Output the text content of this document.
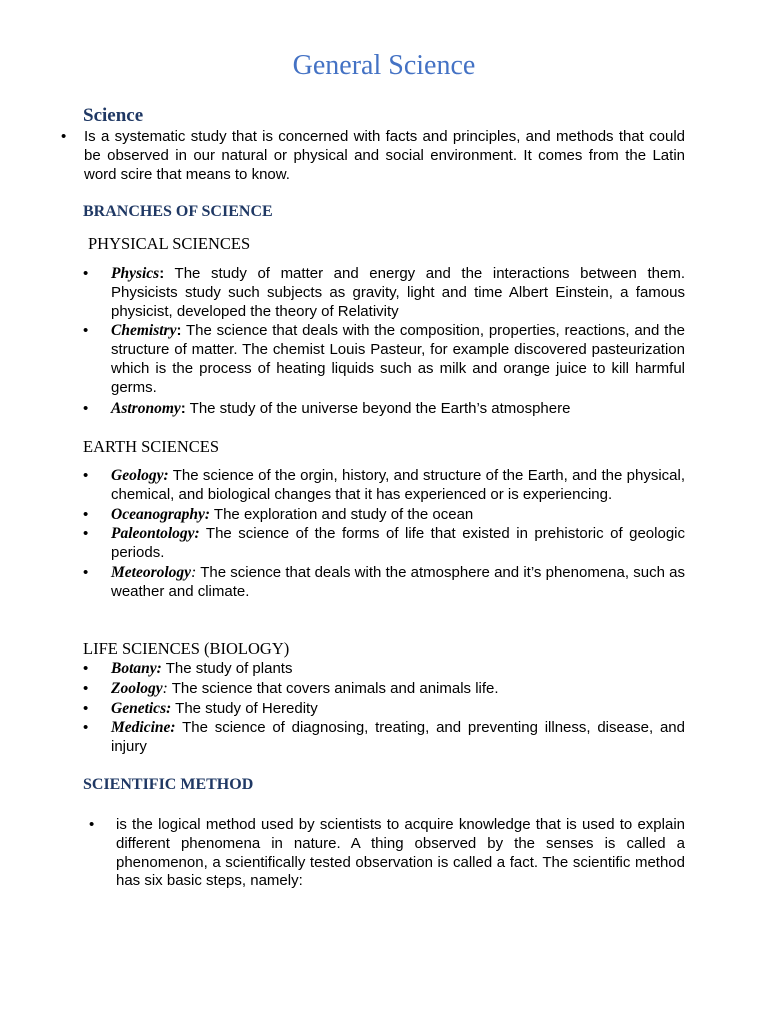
General Science
Science
• Is a systematic study that is concerned with facts and principles, and methods that could be observed in our natural or physical and social environment. It comes from the Latin word scire that means to know.
BRANCHES OF SCIENCE
PHYSICAL SCIENCES
• Physics: The study of matter and energy and the interactions between them. Physicists study such subjects as gravity, light and time Albert Einstein, a famous physicist, developed the theory of Relativity
• Chemistry: The science that deals with the composition, properties, reactions, and the structure of matter. The chemist Louis Pasteur, for example discovered pasteurization which is the process of heating liquids such as milk and orange juice to kill harmful germs.
• Astronomy: The study of the universe beyond the Earth’s atmosphere
EARTH SCIENCES
• Geology: The science of the orgin, history, and structure of the Earth, and the physical, chemical, and biological changes that it has experienced or is experiencing.
• Oceanography: The exploration and study of the ocean
• Paleontology: The science of the forms of life that existed in prehistoric of geologic periods.
• Meteorology: The science that deals with the atmosphere and it’s phenomena, such as weather and climate.
LIFE SCIENCES (BIOLOGY)
• Botany: The study of plants
• Zoology: The science that covers animals and animals life.
• Genetics: The study of Heredity
• Medicine: The science of diagnosing, treating, and preventing illness, disease, and injury
SCIENTIFIC METHOD
• is the logical method used by scientists to acquire knowledge that is used to explain different phenomena in nature. A thing observed by the senses is called a phenomenon, a scientifically tested observation is called a fact. The scientific method has six basic steps, namely:
